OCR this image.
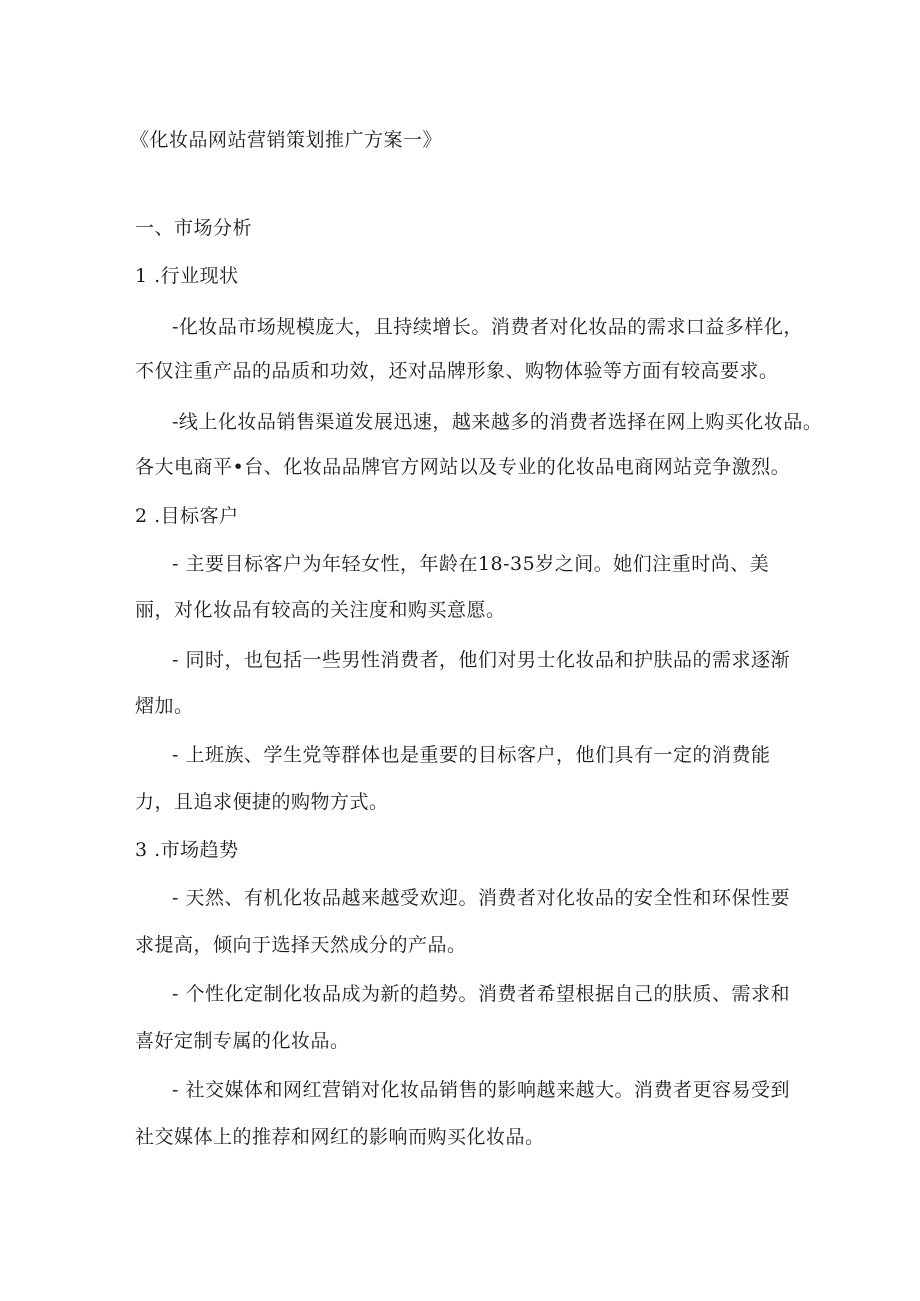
《化妆品网站营销策划推广方案一》
一、市场分析
1 .行业现状
-化妆品市场规模庞大，且持续增长。消费者对化妆品的需求口益多样化，
不仅注重产品的品质和功效，还对品牌形象、购物体验等方面有较高要求。
-线上化妆品销售渠道发展迅速，越来越多的消费者选择在网上购买化妆品。
各大电商平•台、化妆品品牌官方网站以及专业的化妆品电商网站竞争激烈。
2 .目标客户
- 主要目标客户为年轻女性，年龄在18-35岁之间。她们注重时尚、美
丽，对化妆品有较高的关注度和购买意愿。
- 同时，也包括一些男性消费者，他们对男士化妆品和护肤品的需求逐渐
熠加。
- 上班族、学生党等群体也是重要的目标客户，他们具有一定的消费能
力，且追求便捷的购物方式。
3 .市场趋势
- 天然、有机化妆品越来越受欢迎。消费者对化妆品的安全性和环保性要
求提高，倾向于选择天然成分的产品。
- 个性化定制化妆品成为新的趋势。消费者希望根据自己的肤质、需求和
喜好定制专属的化妆品。
- 社交媒体和网红营销对化妆品销售的影响越来越大。消费者更容易受到
社交媒体上的推荐和网红的影响而购买化妆品。
